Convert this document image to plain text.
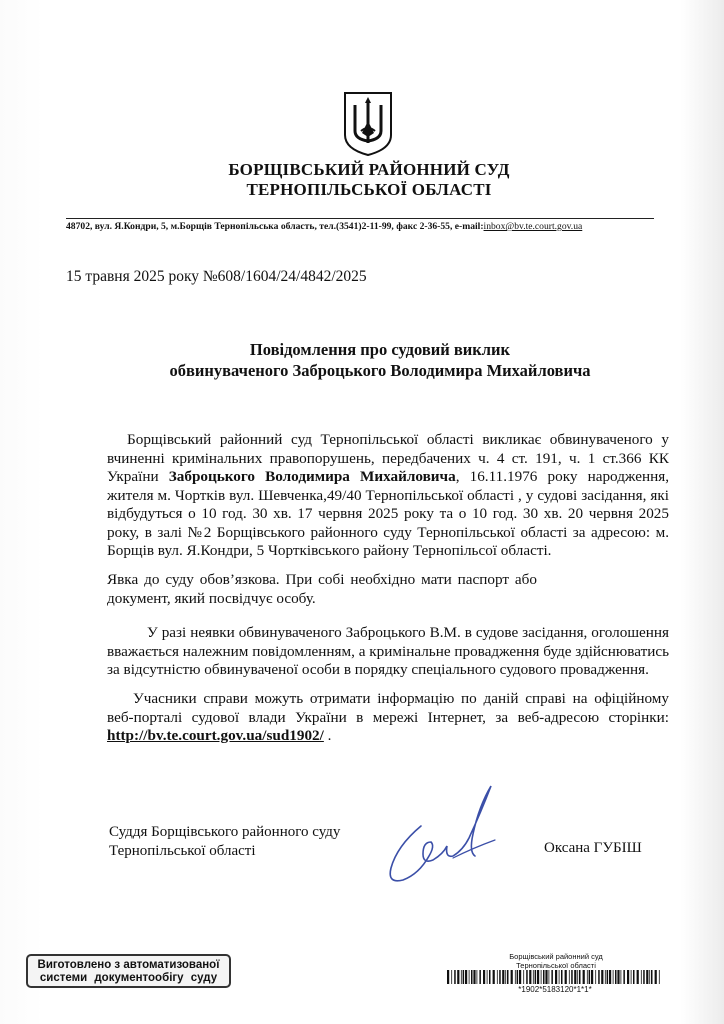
БОРЩІВСЬКИЙ РАЙОННИЙ СУД
ТЕРНОПІЛЬСЬКОЇ ОБЛАСТІ
48702, вул. Я.Кондри, 5, м.Борщів Тернопільська область, тел.(3541)2-11-99, факс 2-36-55, e-mail:inbox@bv.te.court.gov.ua
15 травня 2025 року №608/1604/24/4842/2025
Повідомлення про судовий виклик
обвинуваченого Заброцького Володимира Михайловича

Борщівський районний суд Тернопільської області викликає обвинуваченого у вчиненні кримінальних правопорушень, передбачених ч. 4 ст. 191, ч. 1 ст.366 КК України Заброцького Володимира Михайловича, 16.11.1976 року народження, жителя м. Чортків вул. Шевченка,49/40 Тернопільської області , у судові засідання, які відбудуться о 10 год. 30 хв. 17 червня 2025 року та о 10 год. 30 хв. 20 червня 2025 року, в залі №2 Борщівського районного суду Тернопільської області за адресою: м. Борщів вул. Я.Кондри, 5 Чортківського району Тернопільсої області.

Явка до суду обов’язкова. При собі необхідно мати паспорт або документ, який посвідчує особу.

У разі неявки обвинуваченого Заброцького В.М. в судове засідання, оголошення вважається належним повідомленням, а кримінальне провадження буде здійснюватись за відсутністю обвинуваченої особи в порядку спеціального судового провадження.

Учасники справи можуть отримати інформацію по даній справі на офіційному веб-порталі судової влади України в мережі Інтернет, за веб-адресою сторінки: http://bv.te.court.gov.ua/sud1902/ .

Суддя Борщівського районного суду
Тернопільської області	Оксана ГУБІШ
Виготовлено з автоматизованої
системи документообігу суду
Борщівський районний суд
Тернопільської області
*1902*5183120*1*1*
